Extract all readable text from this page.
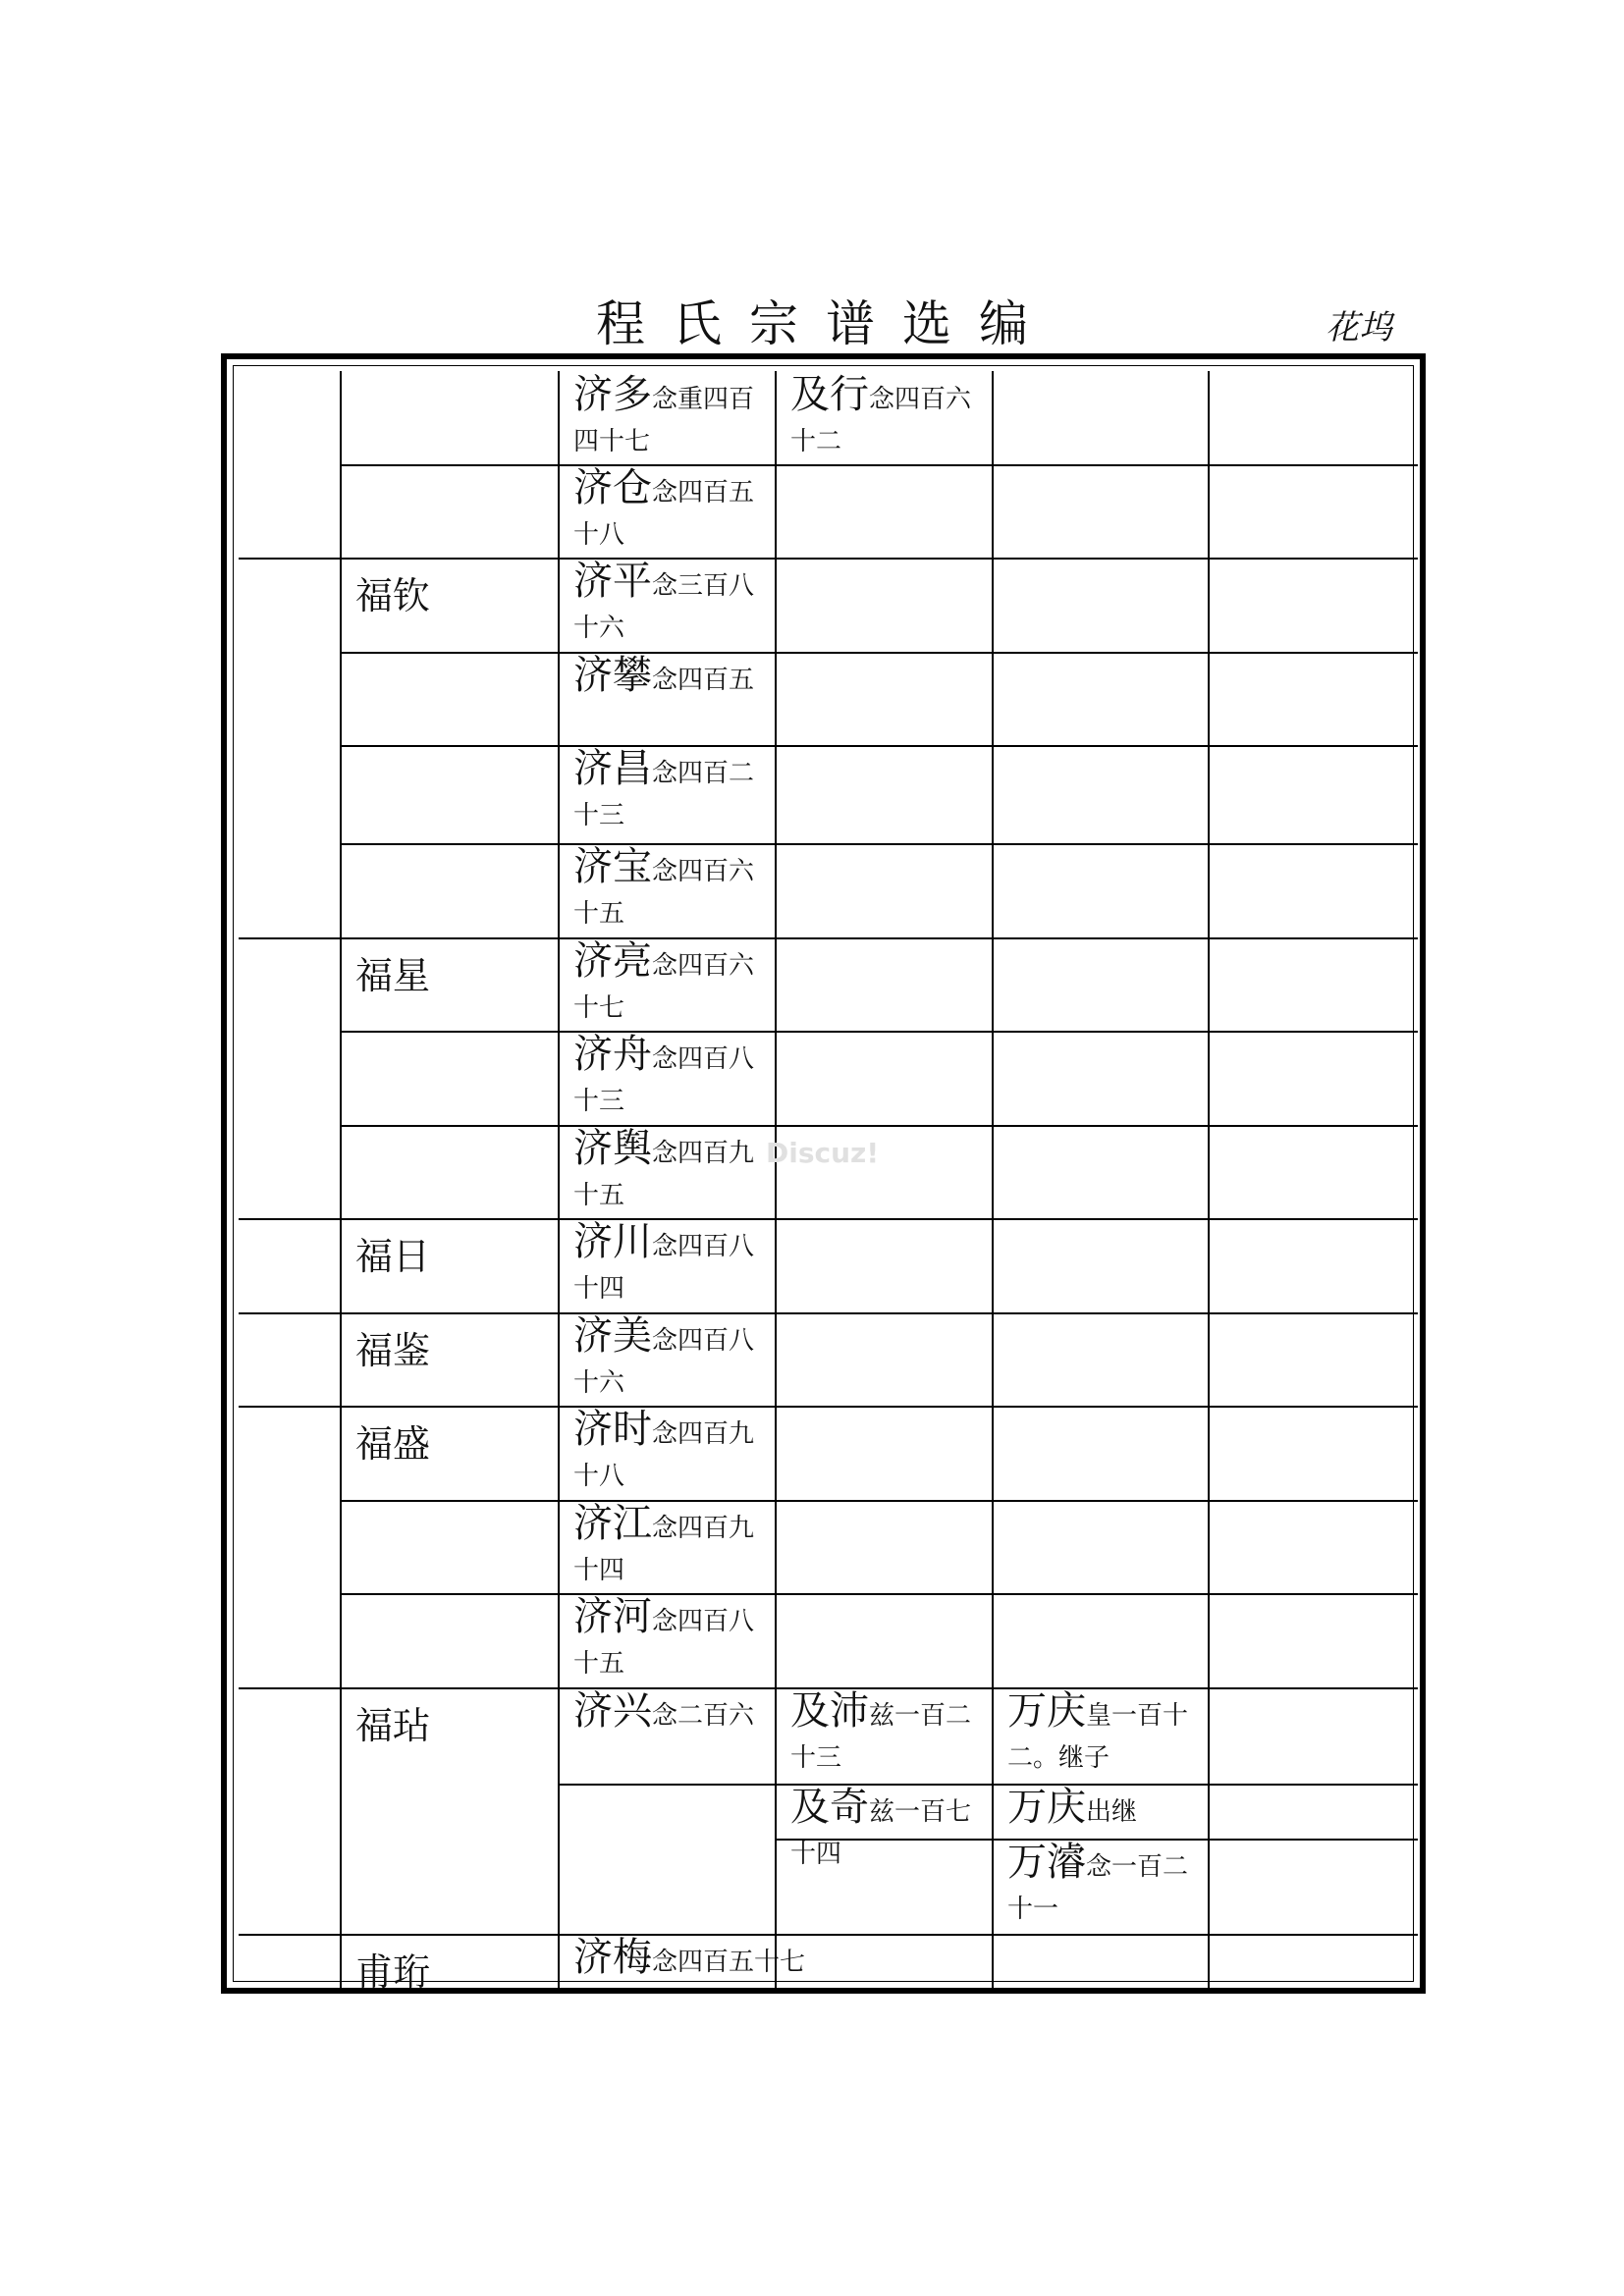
程氏宗谱选编	花坞
福钦
福星
福日
福鉴
福盛
福玷
甫珩
济多念重四百四十七
济仓念四百五十八
济平念三百八十六
济攀念四百五
济昌念四百二十三
济宝念四百六十五
济亮念四百六十七
济舟念四百八十三
济舆念四百九十五
济川念四百八十四
济美念四百八十六
济时念四百九十八
济江念四百九十四
济河念四百八十五
济兴念二百六
济梅念四百五十七
及行念四百六十二
及沛兹一百二十三
及奇兹一百七十四
万庆皇一百十二。继子
万庆出继
万濬念一百二十一
Discuz!
